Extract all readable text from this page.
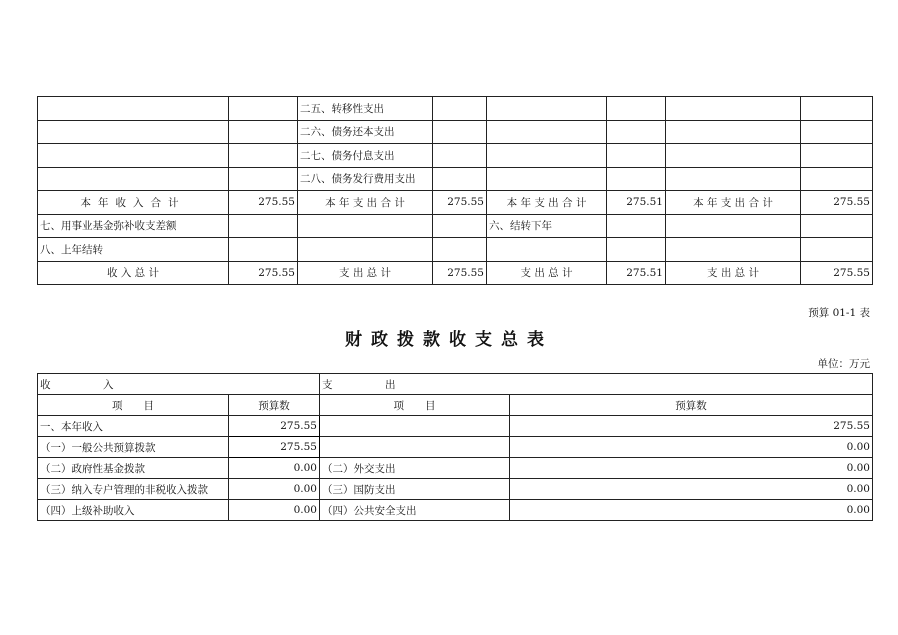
		二五、转移性支出					
		二六、债务还本支出					
		二七、债务付息支出					
		二八、债务发行费用支出					
本年收入合计	275.55	本 年 支 出 合 计	275.55	本 年 支 出 合 计	275.51	本 年 支 出 合 计	275.55
七、用事业基金弥补收支差额				六、结转下年			
八、上年结转							
收 入 总 计	275.55	支 出 总 计	275.55	支 出 总 计	275.51	支 出 总 计	275.55
预算 01-1 表
财政拨款收支总表
单位：万元
收　　　　　入		支　　　　　出	
项　　目	预算数	项　　目	预算数
一、本年收入	275.55		275.55
（一）一般公共预算拨款	275.55		0.00
（二）政府性基金拨款	0.00	（二）外交支出	0.00
（三）纳入专户管理的非税收入拨款	0.00	（三）国防支出	0.00
（四）上级补助收入	0.00	（四）公共安全支出	0.00
